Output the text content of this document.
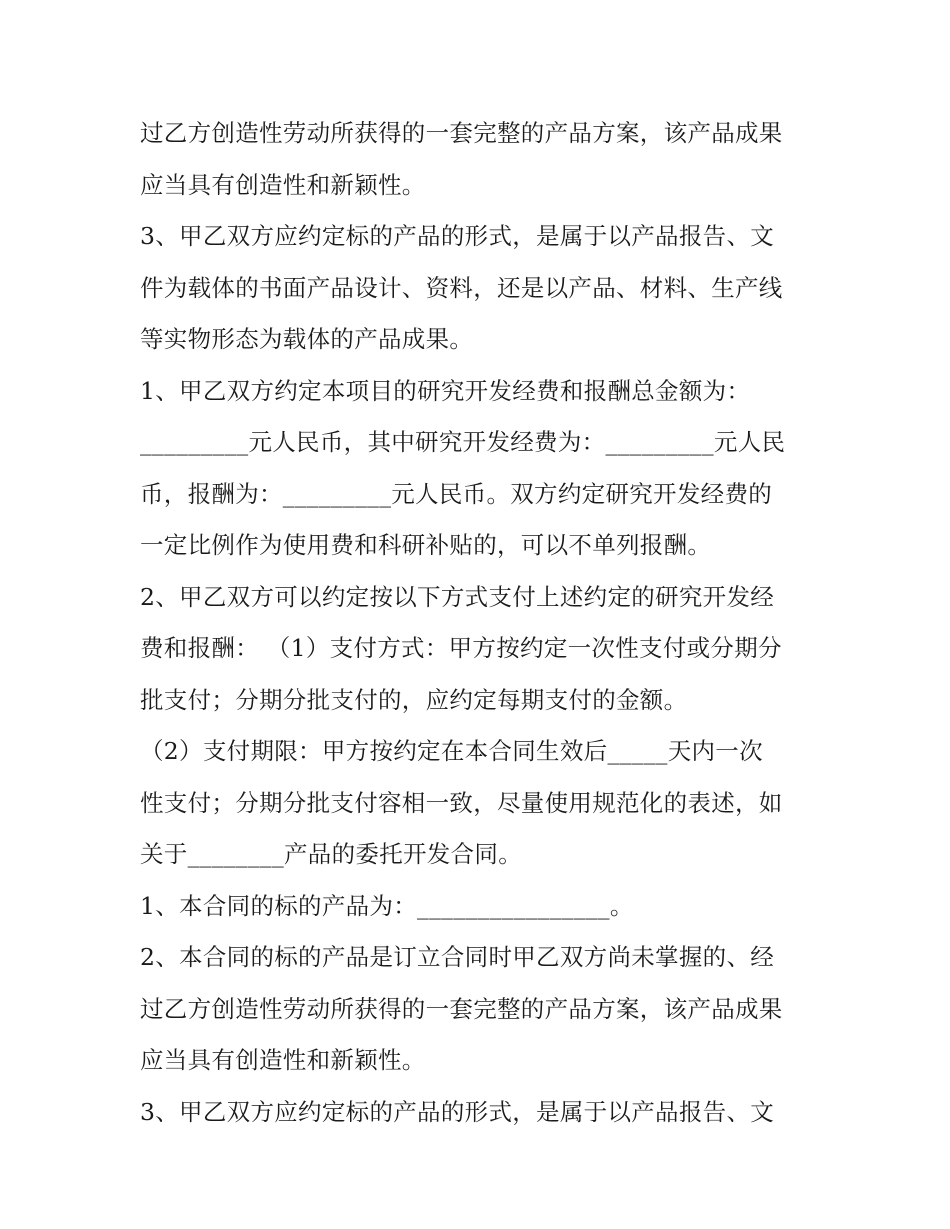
过乙方创造性劳动所获得的一套完整的产品方案，该产品成果
应当具有创造性和新颖性。
3、甲乙双方应约定标的产品的形式，是属于以产品报告、文
件为载体的书面产品设计、资料，还是以产品、材料、生产线
等实物形态为载体的产品成果。
1、甲乙双方约定本项目的研究开发经费和报酬总金额为：
_________元人民币，其中研究开发经费为：_________元人民
币，报酬为：_________元人民币。双方约定研究开发经费的
一定比例作为使用费和科研补贴的，可以不单列报酬。
2、甲乙双方可以约定按以下方式支付上述约定的研究开发经
费和报酬： （1）支付方式：甲方按约定一次性支付或分期分
批支付；分期分批支付的，应约定每期支付的金额。
（2）支付期限：甲方按约定在本合同生效后_____天内一次
性支付；分期分批支付容相一致，尽量使用规范化的表述，如
关于________产品的委托开发合同。
1、本合同的标的产品为：________________。
2、本合同的标的产品是订立合同时甲乙双方尚未掌握的、经
过乙方创造性劳动所获得的一套完整的产品方案，该产品成果
应当具有创造性和新颖性。
3、甲乙双方应约定标的产品的形式，是属于以产品报告、文
